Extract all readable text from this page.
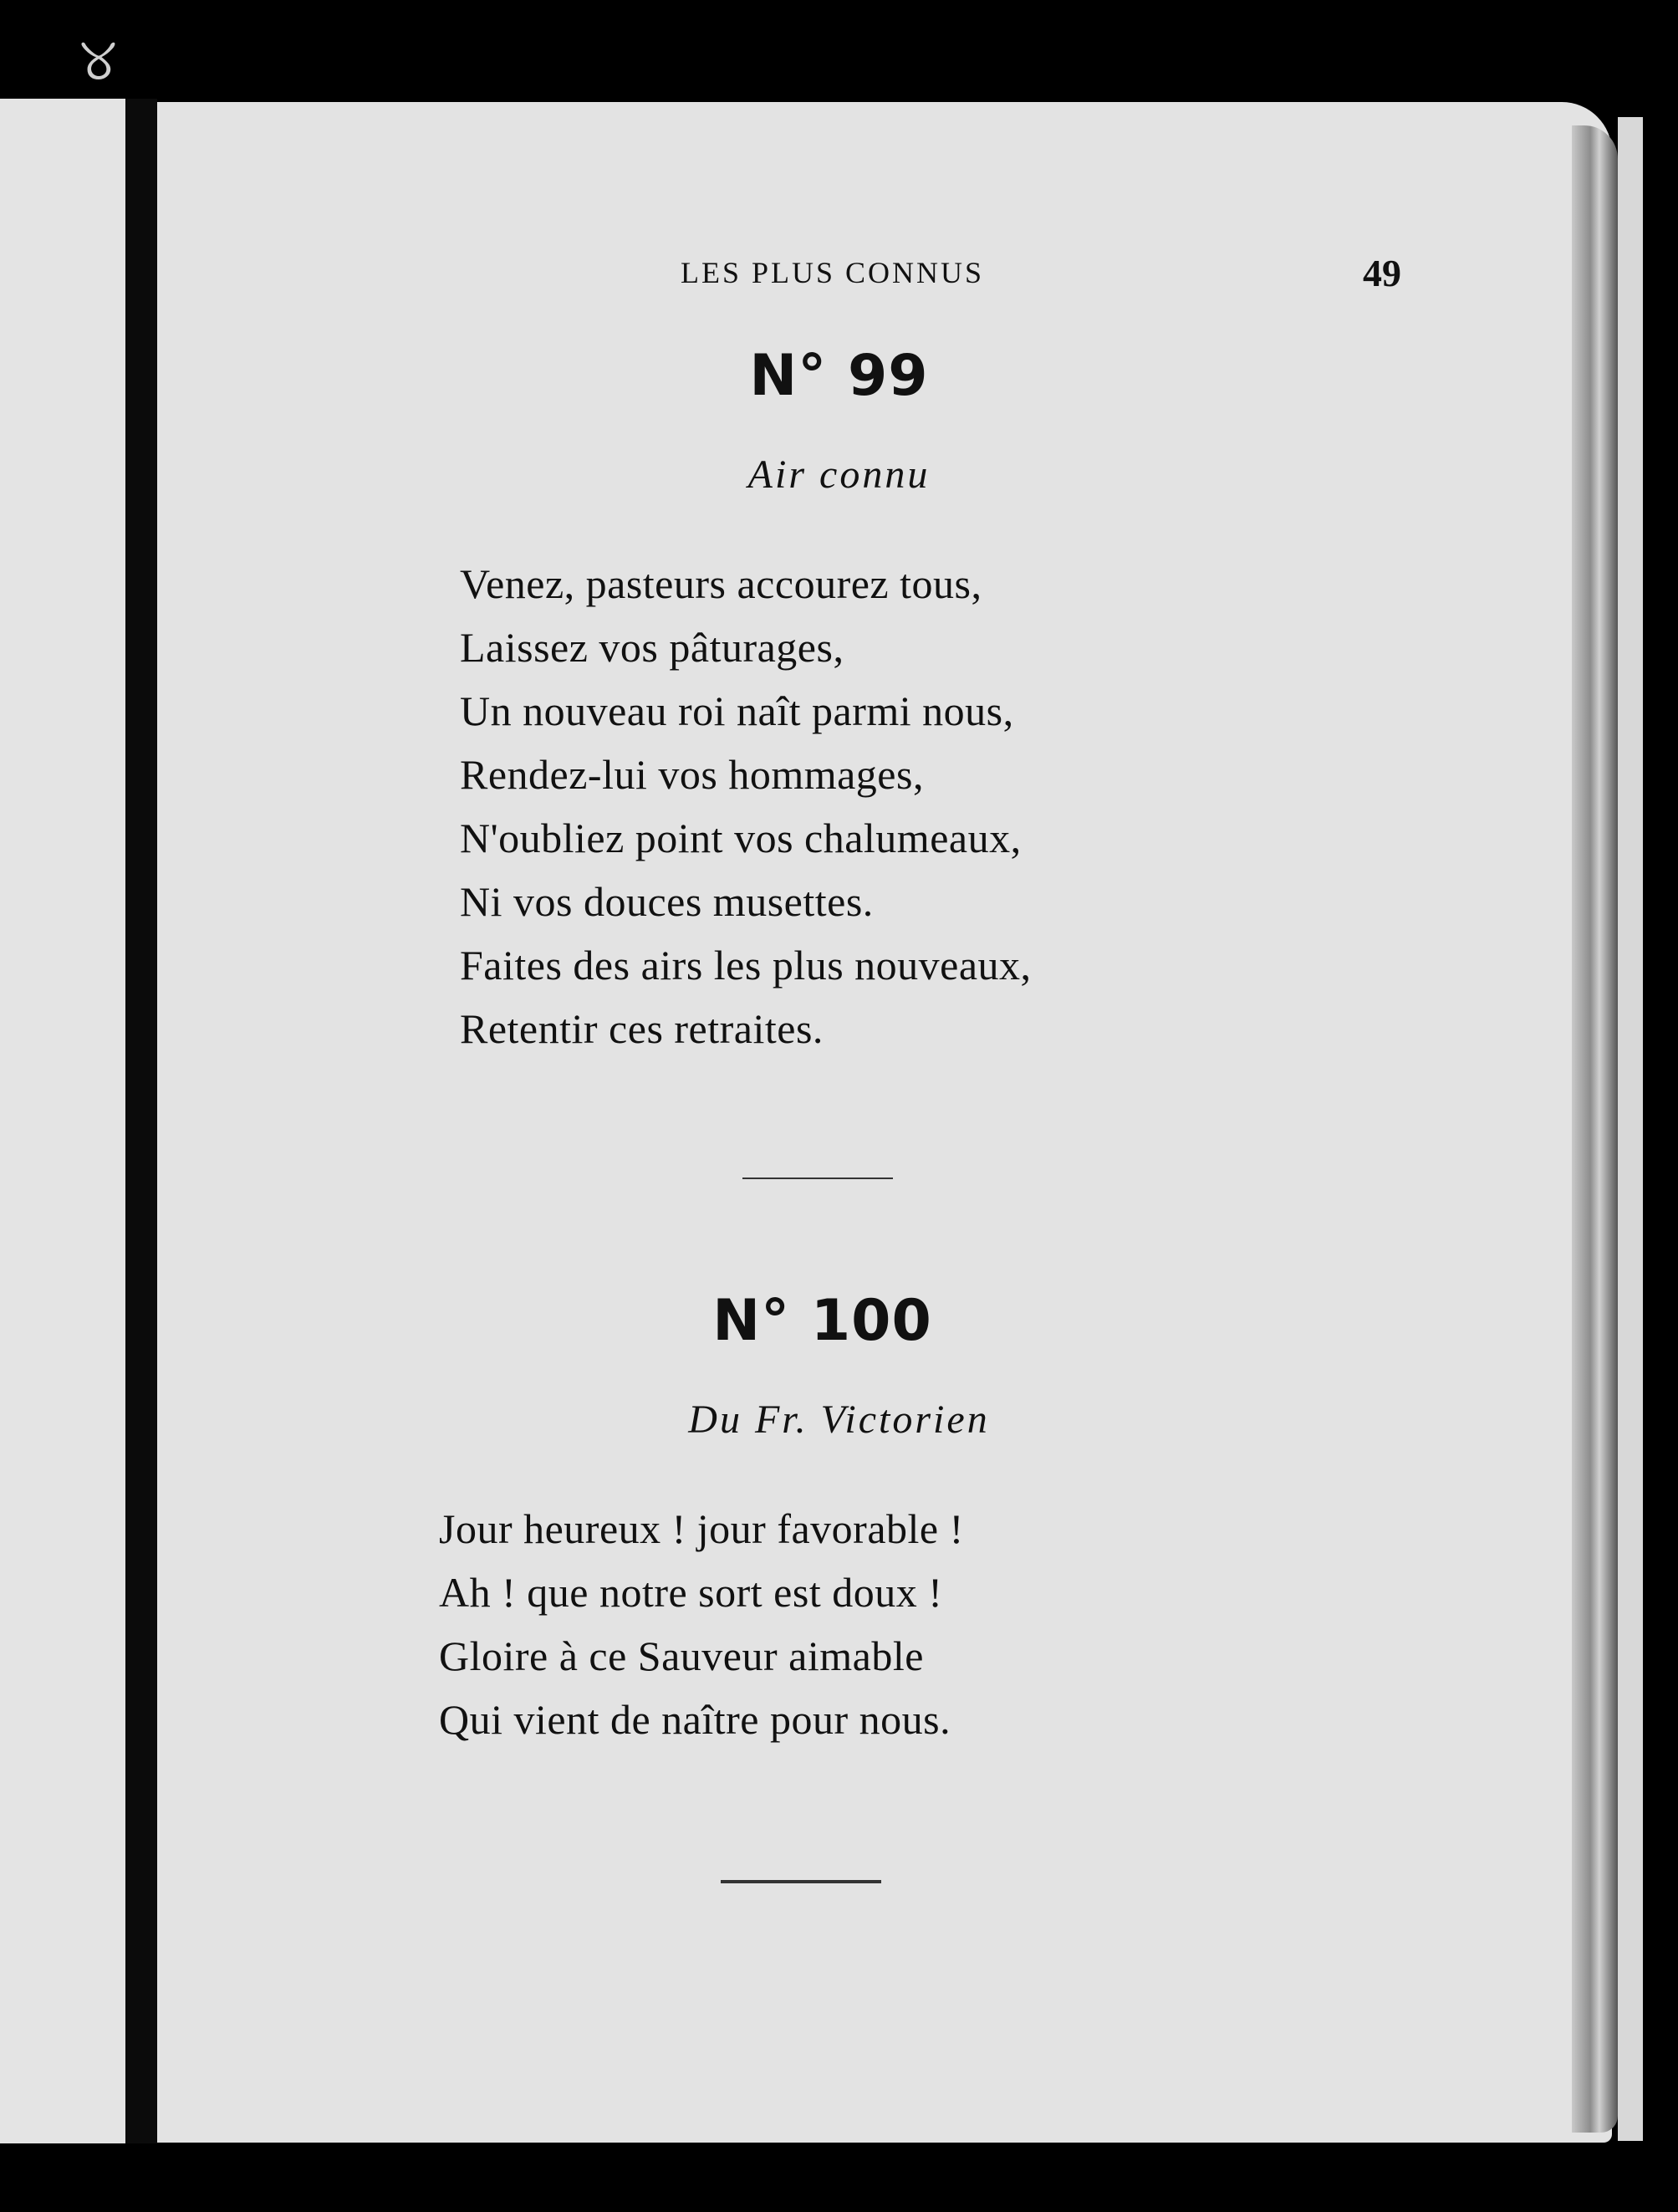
୪
LES PLUS CONNUS	49
N° 99
Air connu
Venez, pasteurs accourez tous,
Laissez vos pâturages,
Un nouveau roi naît parmi nous,
Rendez-lui vos hommages,
N'oubliez point vos chalumeaux,
Ni vos douces musettes.
Faites des airs les plus nouveaux,
Retentir ces retraites.
N° 100
Du Fr. Victorien
Jour heureux ! jour favorable !
Ah ! que notre sort est doux !
Gloire à ce Sauveur aimable
Qui vient de naître pour nous.
